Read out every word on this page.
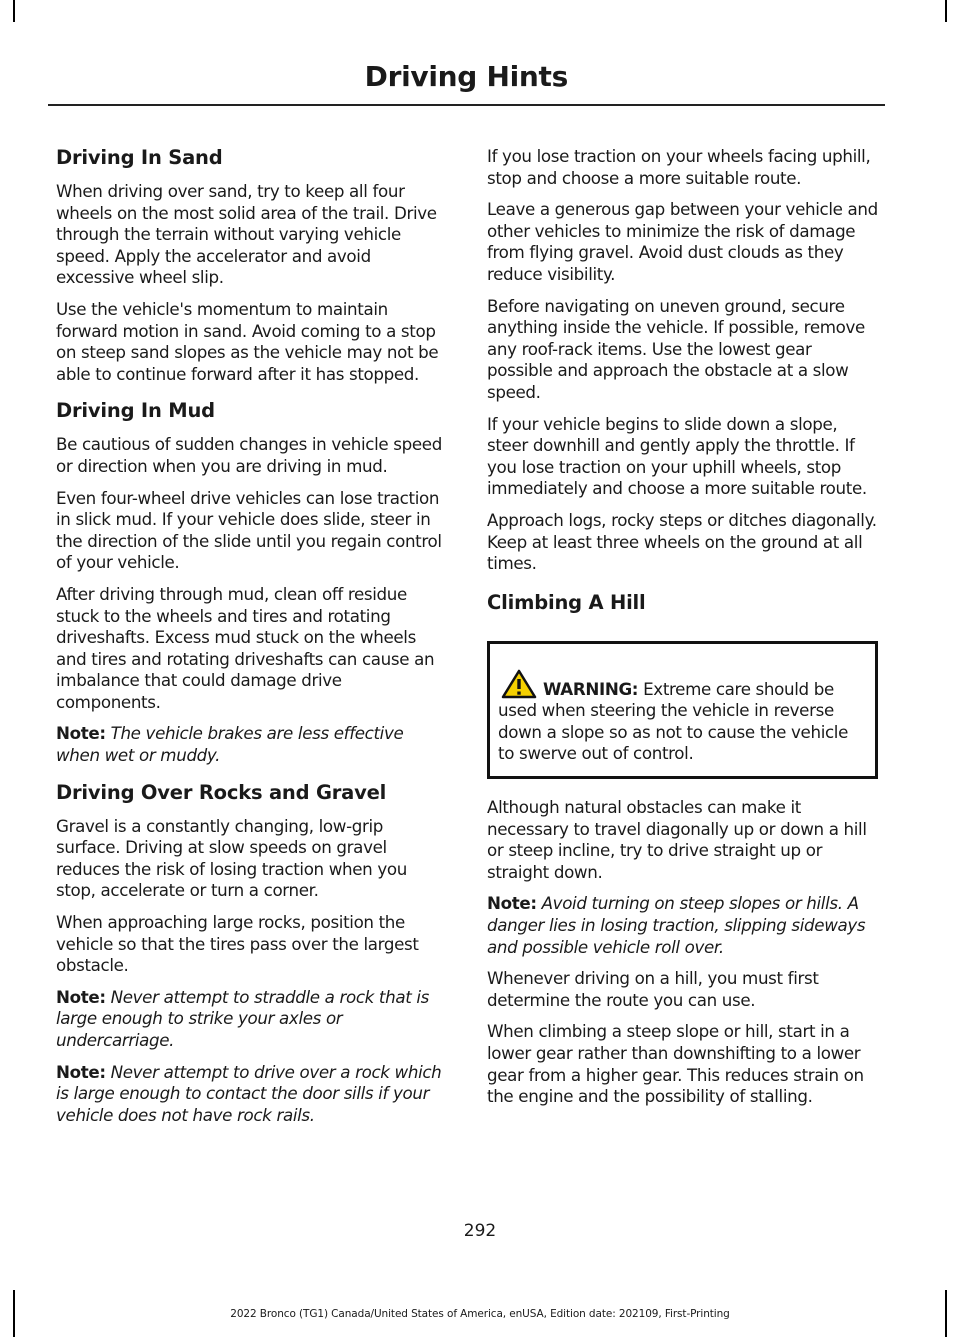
Driving Hints
Driving In Sand

When driving over sand, try to keep all four wheels on the most solid area of the trail. Drive through the terrain without varying vehicle speed. Apply the accelerator and avoid excessive wheel slip.

Use the vehicle's momentum to maintain forward motion in sand. Avoid coming to a stop on steep sand slopes as the vehicle may not be able to continue forward after it has stopped.

Driving In Mud

Be cautious of sudden changes in vehicle speed or direction when you are driving in mud.

Even four-wheel drive vehicles can lose traction in slick mud. If your vehicle does slide, steer in the direction of the slide until you regain control of your vehicle.

After driving through mud, clean off residue stuck to the wheels and tires and rotating driveshafts. Excess mud stuck on the wheels and tires and rotating driveshafts can cause an imbalance that could damage drive components.

Note: The vehicle brakes are less effective when wet or muddy.

Driving Over Rocks and Gravel

Gravel is a constantly changing, low-grip surface. Driving at slow speeds on gravel reduces the risk of losing traction when you stop, accelerate or turn a corner.

When approaching large rocks, position the vehicle so that the tires pass over the largest obstacle.

Note: Never attempt to straddle a rock that is large enough to strike your axles or undercarriage.

Note: Never attempt to drive over a rock which is large enough to contact the door sills if your vehicle does not have rock rails.

If you lose traction on your wheels facing uphill, stop and choose a more suitable route.

Leave a generous gap between your vehicle and other vehicles to minimize the risk of damage from flying gravel. Avoid dust clouds as they reduce visibility.

Before navigating on uneven ground, secure anything inside the vehicle. If possible, remove any roof-rack items. Use the lowest gear possible and approach the obstacle at a slow speed.

If your vehicle begins to slide down a slope, steer downhill and gently apply the throttle. If you lose traction on your uphill wheels, stop immediately and choose a more suitable route.

Approach logs, rocky steps or ditches diagonally. Keep at least three wheels on the ground at all times.

Climbing A Hill

WARNING: Extreme care should be used when steering the vehicle in reverse down a slope so as not to cause the vehicle to swerve out of control.

Although natural obstacles can make it necessary to travel diagonally up or down a hill or steep incline, try to drive straight up or straight down.

Note: Avoid turning on steep slopes or hills. A danger lies in losing traction, slipping sideways and possible vehicle roll over.

Whenever driving on a hill, you must first determine the route you can use.

When climbing a steep slope or hill, start in a lower gear rather than downshifting to a lower gear from a higher gear. This reduces strain on the engine and the possibility of stalling.

292
2022 Bronco (TG1) Canada/United States of America, enUSA, Edition date: 202109, First-Printing
